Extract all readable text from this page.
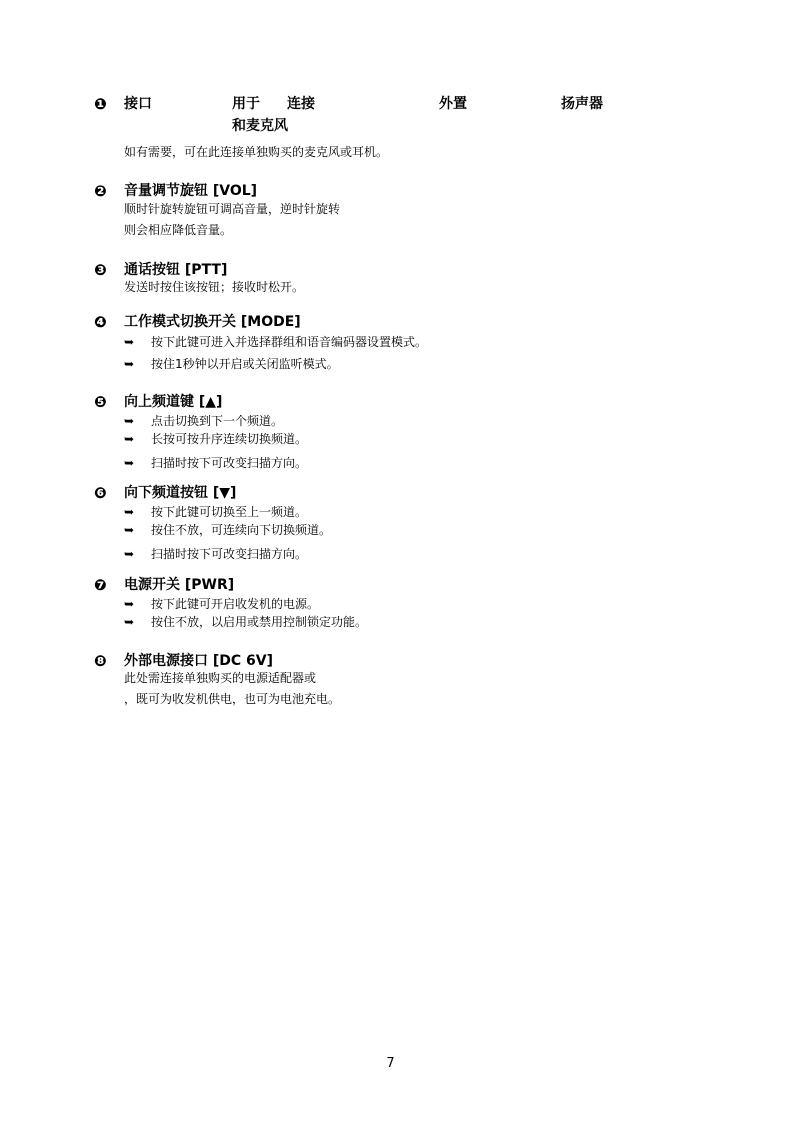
❶ 接口	用于 连接	外置	扬声器
和麦克风
如有需要，可在此连接单独购买的麦克风或耳机。
❷ 音量调节旋钮 [VOL]
顺时针旋转旋钮可调高音量，逆时针旋转
则会相应降低音量。
❸ 通话按钮 [PTT]
发送时按住该按钮；接收时松开。
❹ 工作模式切换开关 [MODE]
➥ 按下此键可进入并选择群组和语音编码器设置模式。
➥ 按住1秒钟以开启或关闭监听模式。
❺ 向上频道键 [▲]
➥ 点击切换到下一个频道。
➥ 长按可按升序连续切换频道。
➥ 扫描时按下可改变扫描方向。
❻ 向下频道按钮 [▼]
➥ 按下此键可切换至上一频道。
➥ 按住不放，可连续向下切换频道。
➥ 扫描时按下可改变扫描方向。
❼ 电源开关 [PWR]
➥ 按下此键可开启收发机的电源。
➥ 按住不放，以启用或禁用控制锁定功能。
❽ 外部电源接口 [DC 6V]
此处需连接单独购买的电源适配器或
，既可为收发机供电，也可为电池充电。
7
